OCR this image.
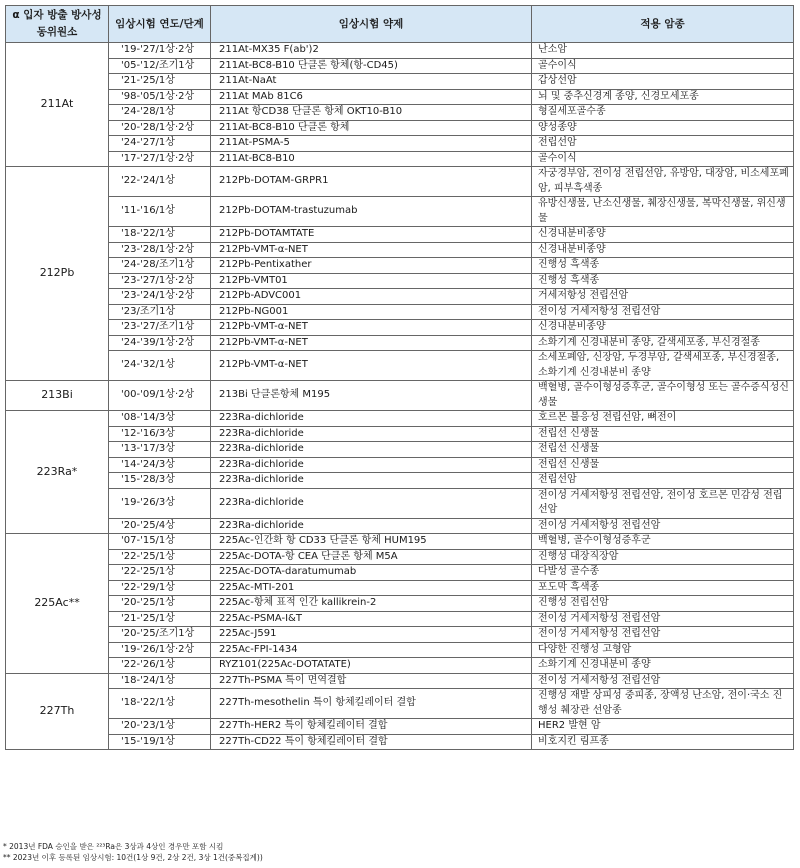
α 입자 방출 방사성동위원소	임상시험 연도/단계	임상시험 약제	적용 암종
211At	'19-'27/1상·2상	211At-MX35 F(ab')2	난소암
	'05-'12/조기1상	211At-BC8-B10 단클론 항체(항-CD45)	골수이식
	'21-'25/1상	211At-NaAt	갑상선암
	'98-'05/1상·2상	211At MAb 81C6	뇌 및 중추신경계 종양, 신경모세포종
	'24-'28/1상	211At 항CD38 단클론 항체 OKT10-B10	형질세포골수종
	'20-'28/1상·2상	211At-BC8-B10 단클론 항체	양성종양
	'24-'27/1상	211At-PSMA-5	전립선암
	'17-'27/1상·2상	211At-BC8-B10	골수이식
212Pb	'22-'24/1상	212Pb-DOTAM-GRPR1	자궁경부암, 전이성 전립선암, 유방암, 대장암, 비소세포폐암, 피부흑색종
	'11-'16/1상	212Pb-DOTAM-trastuzumab	유방신생물, 난소신생물, 췌장신생물, 복막신생물, 위신생물
	'18-'22/1상	212Pb-DOTAMTATE	신경내분비종양
	'23-'28/1상·2상	212Pb-VMT-α-NET	신경내분비종양
	'24-'28/조기1상	212Pb-Pentixather	진행성 흑색종
	'23-'27/1상·2상	212Pb-VMT01	진행성 흑색종
	'23-'24/1상·2상	212Pb-ADVC001	거세저항성 전립선암
	'23/조기1상	212Pb-NG001	전이성 거세저항성 전립선암
	'23-'27/조기1상	212Pb-VMT-α-NET	신경내분비종양
	'24-'39/1상·2상	212Pb-VMT-α-NET	소화기계 신경내분비 종양, 갈색세포종, 부신경절종
	'24-'32/1상	212Pb-VMT-α-NET	소세포폐암, 신장암, 두경부암, 갈색세포종, 부신경절종, 소화기계 신경내분비 종양
213Bi	'00-'09/1상·2상	213Bi 단클론항체 M195	백혈병, 골수이형성증후군, 골수이형성 또는 골수증식성신생물
223Ra*	'08-'14/3상	223Ra-dichloride	호르몬 불응성 전립선암, 뼈전이
	'12-'16/3상	223Ra-dichloride	전립선 신생물
	'13-'17/3상	223Ra-dichloride	전립선 신생물
	'14-'24/3상	223Ra-dichloride	전립선 신생물
	'15-'28/3상	223Ra-dichloride	전립선암
	'19-'26/3상	223Ra-dichloride	전이성 거세저항성 전립선암, 전이성 호르몬 민감성 전립선암
	'20-'25/4상	223Ra-dichloride	전이성 거세저항성 전립선암
225Ac**	'07-'15/1상	225Ac-인간화 항 CD33 단클론 항체 HUM195	백혈병, 골수이형성증후군
	'22-'25/1상	225Ac-DOTA-항 CEA 단클론 항체 M5A	진행성 대장직장암
	'22-'25/1상	225Ac-DOTA-daratumumab	다발성 골수종
	'22-'29/1상	225Ac-MTI-201	포도막 흑색종
	'20-'25/1상	225Ac-항체 표적 인간 kallikrein-2	진행성 전립선암
	'21-'25/1상	225Ac-PSMA-I&T	전이성 거세저항성 전립선암
	'20-'25/조기1상	225Ac-J591	전이성 거세저항성 전립선암
	'19-'26/1상·2상	225Ac-FPI-1434	다양한 진행성 고형암
	'22-'26/1상	RYZ101(225Ac-DOTATATE)	소화기계 신경내분비 종양
227Th	'18-'24/1상	227Th-PSMA 특이 면역결합	전이성 거세저항성 전립선암
	'18-'22/1상	227Th-mesothelin 특이 항체킬레이터 결합	진행성 재발 상피성 중피종, 장액성 난소암, 전이·국소 진행성 췌장관 선암종
	'20-'23/1상	227Th-HER2 특이 항체킬레이터 결합	HER2 발현 암
	'15-'19/1상	227Th-CD22 특이 항체킬레이터 결합	비호지킨 림프종
* 2013년 FDA 승인을 받은 ²²³Ra은 3상과 4상인 경우만 포함 시킴
** 2023년 이후 등록된 임상시험: 10건(1상 9건, 2상 2건, 3상 1건(중복집계))
